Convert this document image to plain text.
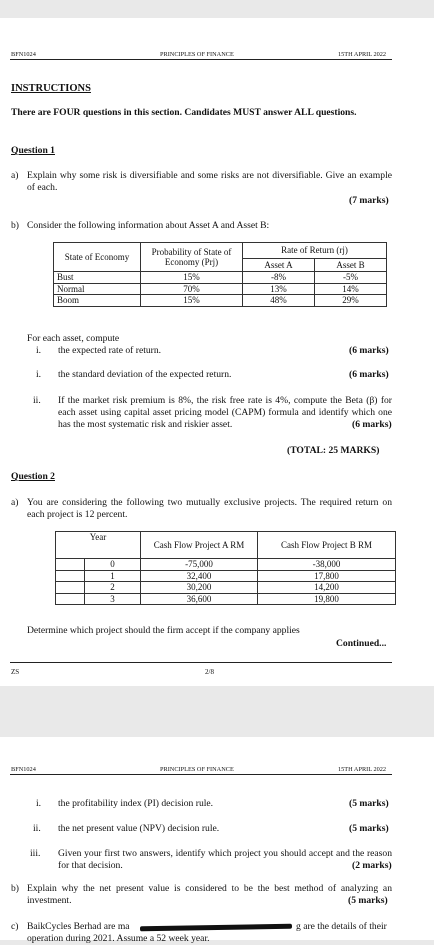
BFN1024	PRINCIPLES OF FINANCE	15TH APRIL 2022
INSTRUCTIONS
There are FOUR questions in this section. Candidates MUST answer ALL questions.
Question 1
a) Explain why some risk is diversifiable and some risks are not diversifiable. Give an example of each.
(7 marks)
b) Consider the following information about Asset A and Asset B:
State of Economy	Probability of State of Economy (Prj)	Rate of Return (rj)	
		Asset A	Asset B
Bust	15%	-8%	-5%
Normal	70%	13%	14%
Boom	15%	48%	29%
For each asset, compute
i. the expected rate of return.	(6 marks)
i. the standard deviation of the expected return.	(6 marks)
ii. If the market risk premium is 8%, the risk free rate is 4%, compute the Beta (β) for each asset using capital asset pricing model (CAPM) formula and identify which one has the most systematic risk and riskier asset.	(6 marks)
(TOTAL: 25 MARKS)
Question 2
a) You are considering the following two mutually exclusive projects. The required return on each project is 12 percent.
Year	Cash Flow Project A RM	Cash Flow Project B RM

0	-75,000	-38,000

1	32,400	17,800

2	30,200	14,200

3	36,600	19,800
Determine which project should the firm accept if the company applies
Continued...
ZS	2/8
BFN1024	PRINCIPLES OF FINANCE	15TH APRIL 2022
i. the profitability index (PI) decision rule.	(5 marks)
ii. the net present value (NPV) decision rule.	(5 marks)
iii. Given your first two answers, identify which project you should accept and the reason for that decision.	(2 marks)
b) Explain why the net present value is considered to be the best method of analyzing an investment.	(5 marks)
c) BaikCycles Berhad are ma	g are the details of their
operation during 2021. Assume a 52 week year.
